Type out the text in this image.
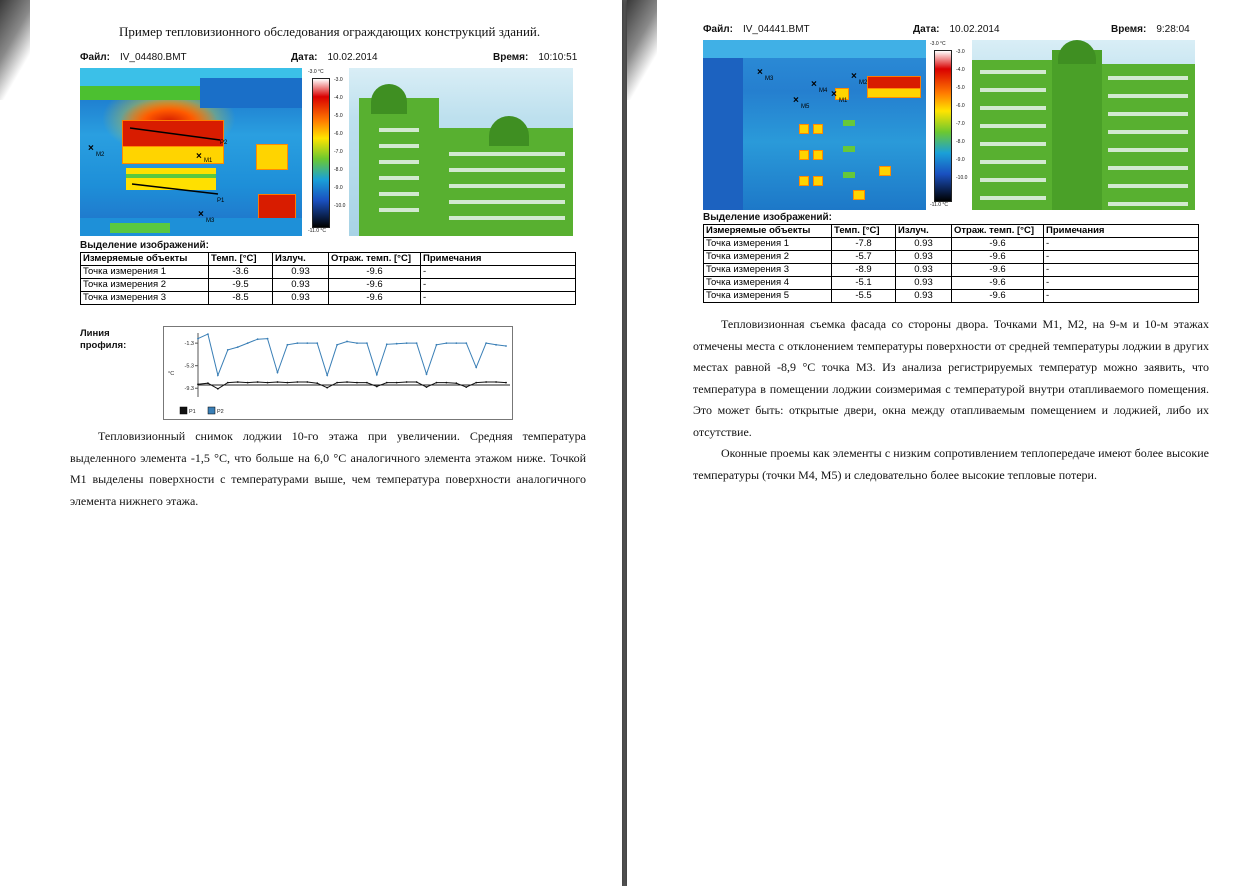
Пример тепловизионного обследования ограждающих конструкций зданий.
Файл: IV_04480.BMT	Дата: 10.02.2014	Время: 10:10:51
×
M2	× M1
×
M3
P1
P2
-3.0 °C
-3.0
-4.0
-5.0
-6.0
-7.0
-8.0
-9.0
-10.0
-11.0 °C
Выделение изображений:
Измеряемые объекты	Темп. [°C]	Излуч.	Отраж. темп. [°C]	Примечания
Точка измерения 1	-3.6	0.93	-9.6	-
Точка измерения 2	-9.5	0.93	-9.6	-
Точка измерения 3	-8.5	0.93	-9.6	-
Линия
профиля:	-1.3
-5.3
-9.3
°C
P1	P2

Тепловизионный снимок лоджии 10-го этажа при увеличении. Средняя температура выделенного элемента -1,5 °С, что больше на 6,0 °С аналогичного элемента этажом ниже. Точкой М1 выделены поверхности с температурами выше, чем температура поверхности аналогичного элемента нижнего этажа.

Файл: IV_04441.BMT	Дата: 10.02.2014	Время: 9:28:04
×
M3	×
M2
×
M4 ×
M1
×
M5
-3.0 °C
-3.0
-4.0
-5.0
-6.0
-7.0
-8.0
-9.0
-10.0
-11.0 °C
Выделение изображений:
Измеряемые объекты	Темп. [°C]	Излуч.	Отраж. темп. [°C]	Примечания
Точка измерения 1	-7.8	0.93	-9.6	-
Точка измерения 2	-5.7	0.93	-9.6	-
Точка измерения 3	-8.9	0.93	-9.6	-
Точка измерения 4	-5.1	0.93	-9.6	-
Точка измерения 5	-5.5	0.93	-9.6	-

Тепловизионная съемка фасада со стороны двора. Точками М1, М2, на 9-м и 10-м этажах отмечены места с отклонением температуры поверхности от средней температуры лоджии в других местах равной -8,9 °С точка М3. Из анализа регистрируемых температур можно заявить, что температура в помещении лоджии соизмеримая с температурой внутри отапливаемого помещения. Это может быть: открытые двери, окна между отапливаемым помещением и лоджией, либо их отсутствие.

Оконные проемы как элементы с низким сопротивлением теплопередаче имеют более высокие температуры (точки М4, М5) и следовательно более высокие тепловые потери.
